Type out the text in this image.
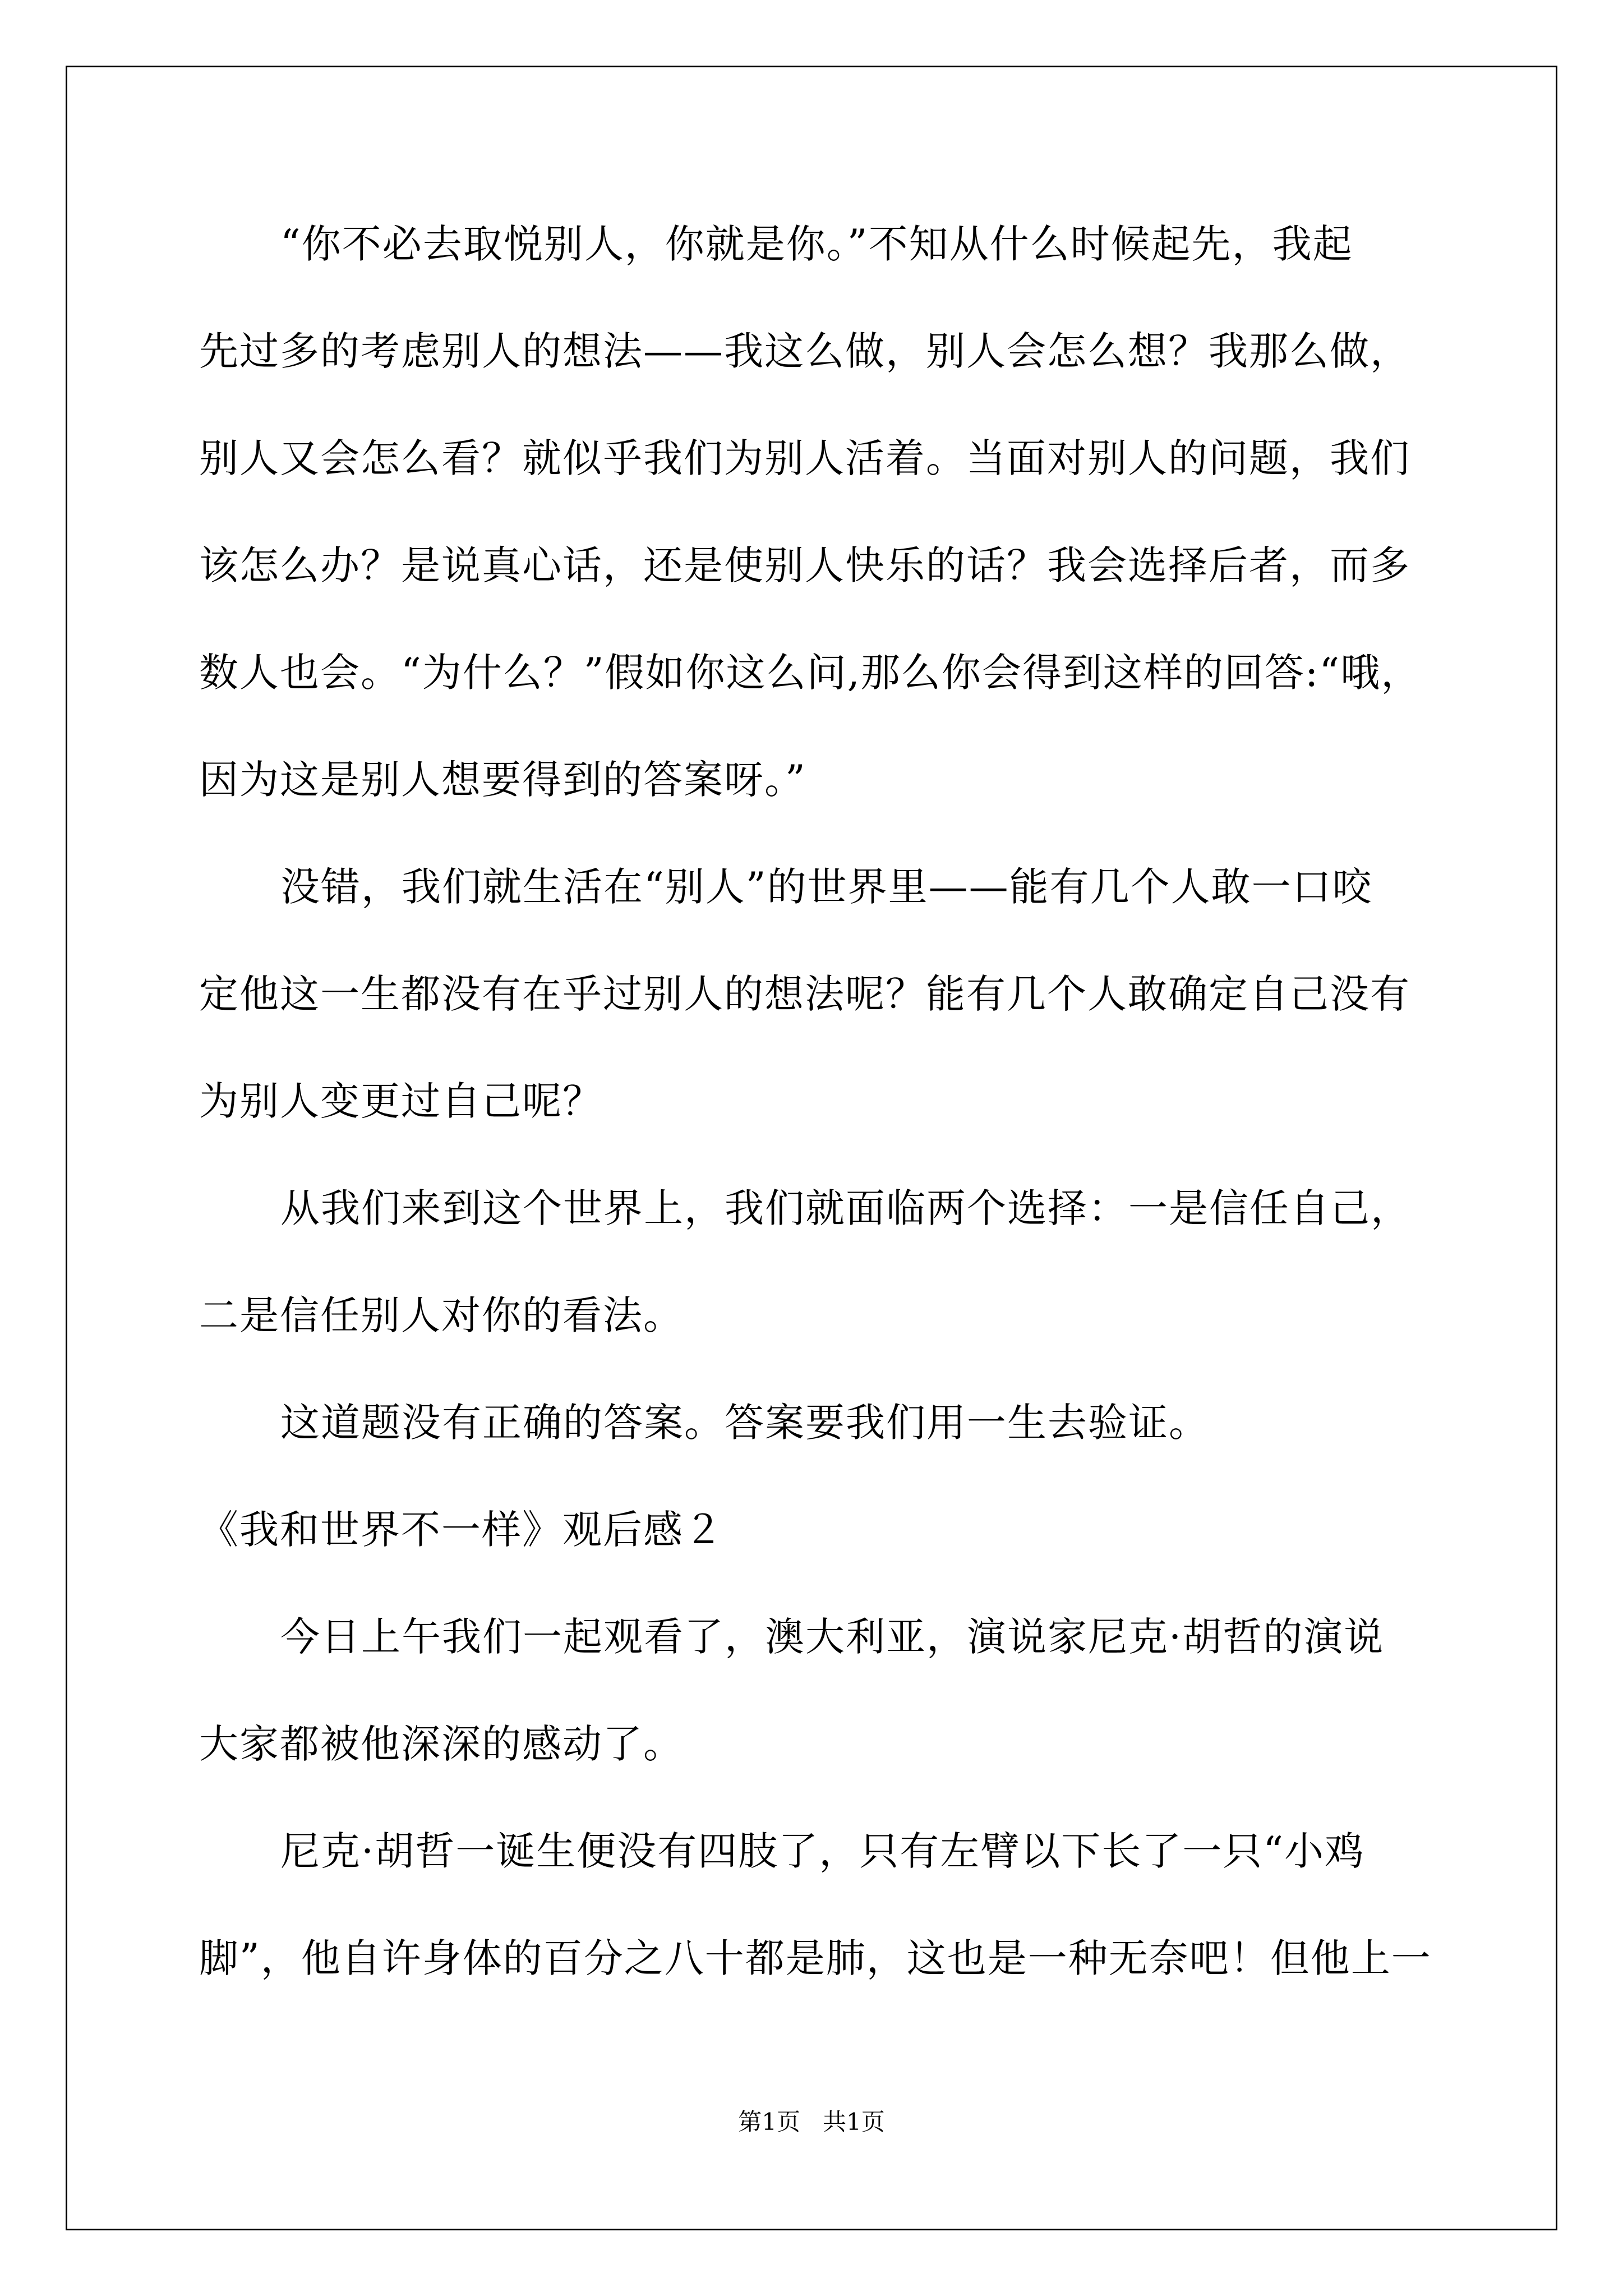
“你不必去取悦别人，你就是你。”不知从什么时候起先，我起
先过多的考虑别人的想法——我这么做，别人会怎么想？我那么做，
别人又会怎么看？就似乎我们为别人活着。当面对别人的问题，我们
该怎么办？是说真心话，还是使别人快乐的话？我会选择后者，而多
数人也会。“为什么？”假如你这么问,那么你会得到这样的回答:“哦，
因为这是别人想要得到的答案呀。”
没错，我们就生活在“别人”的世界里——能有几个人敢一口咬
定他这一生都没有在乎过别人的想法呢？能有几个人敢确定自己没有
为别人变更过自己呢？
从我们来到这个世界上，我们就面临两个选择：一是信任自己，
二是信任别人对你的看法。
这道题没有正确的答案。答案要我们用一生去验证。
《我和世界不一样》观后感２
今日上午我们一起观看了，澳大利亚，演说家尼克·胡哲的演说
大家都被他深深的感动了。
尼克·胡哲一诞生便没有四肢了，只有左臂以下长了一只“小鸡
脚”，他自许身体的百分之八十都是肺，这也是一种无奈吧！但他上一
第1页   共1页
